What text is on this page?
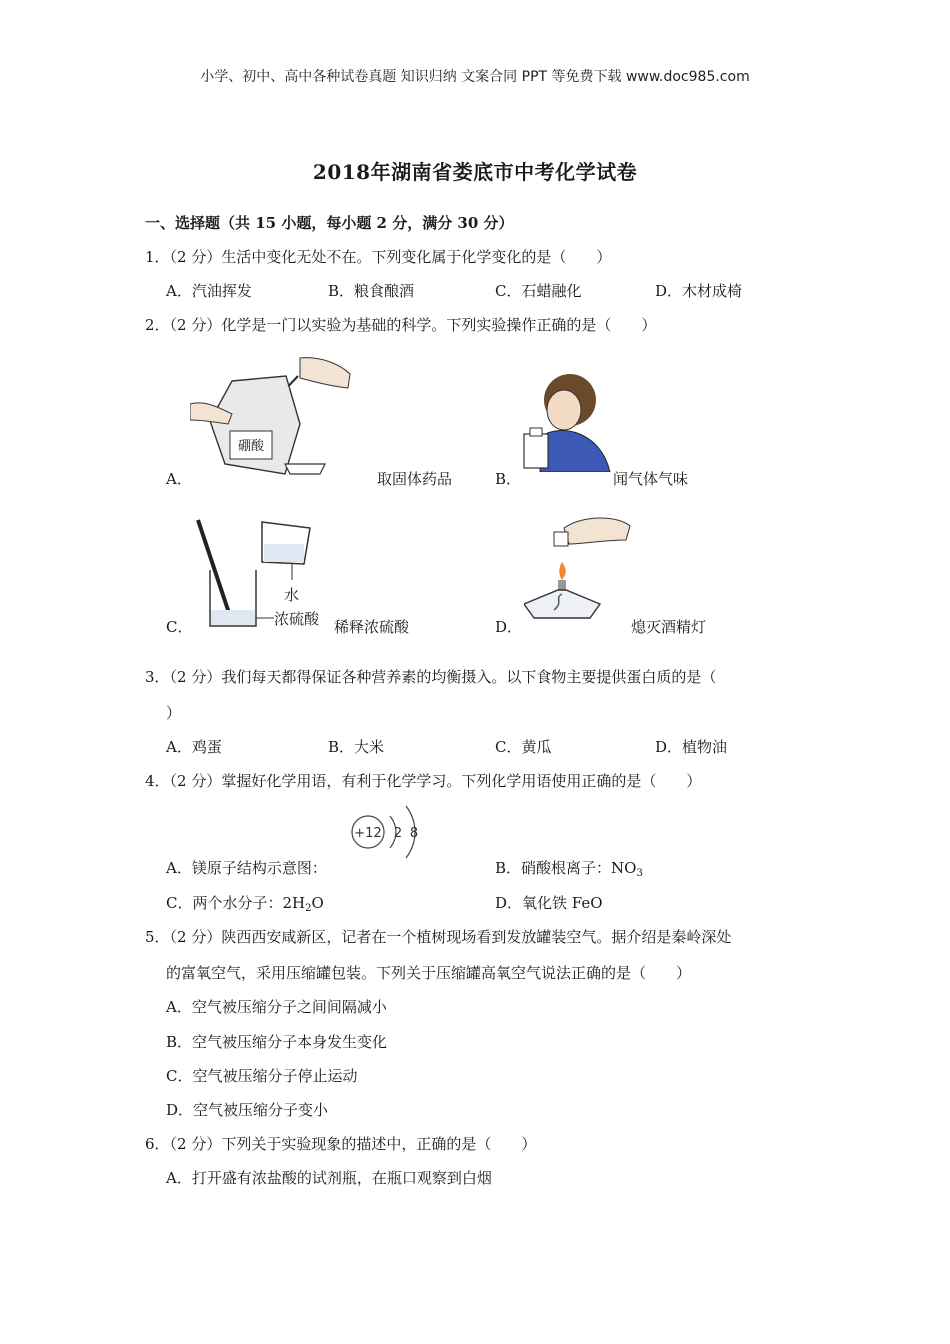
小学、初中、高中各种试卷真题 知识归纳 文案合同 PPT 等免费下载 www.doc985.com
2018年湖南省娄底市中考化学试卷
一、选择题（共 15 小题，每小题 2 分，满分 30 分）
1．（2 分）生活中变化无处不在。下列变化属于化学变化的是（　　）
A．汽油挥发	B．粮食酿酒	C．石蜡融化	D．木材成椅
2．（2 分）化学是一门以实验为基础的科学。下列实验操作正确的是（　　）
硼酸
A．	取固体药品	B．	闻气体气味
水
浓硫酸
C．	稀释浓硫酸	D．	熄灭酒精灯
3．（2 分）我们每天都得保证各种营养素的均衡摄入。以下食物主要提供蛋白质的是（
）
A．鸡蛋	B．大米	C．黄瓜	D．植物油
4．（2 分）掌握好化学用语，有利于化学学习。下列化学用语使用正确的是（　　）
A．镁原子结构示意图：
+12 2 8
B．硝酸根离子：$NO_3$
C．两个水分子：$2H_2O$	D．氧化铁 FeO
5．（2 分）陕西西安咸新区，记者在一个植树现场看到发放罐装空气。据介绍是秦岭深处
的富氧空气，采用压缩罐包装。下列关于压缩罐高氧空气说法正确的是（　　）
A．空气被压缩分子之间间隔减小
B．空气被压缩分子本身发生变化
C．空气被压缩分子停止运动
D．空气被压缩分子变小
6．（2 分）下列关于实验现象的描述中，正确的是（　　）
A．打开盛有浓盐酸的试剂瓶，在瓶口观察到白烟
